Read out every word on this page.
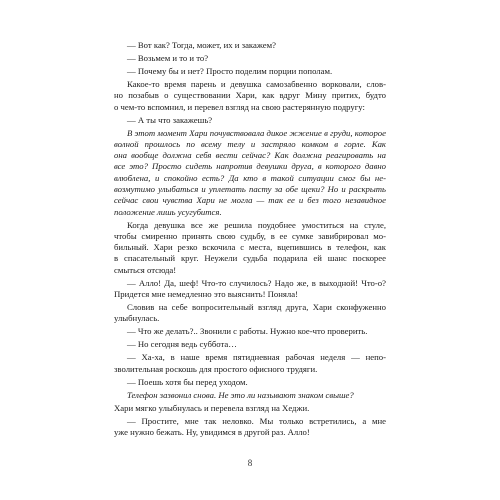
— Вот как? Тогда, может, их и закажем?
— Возьмем и то и то?
— Почему бы и нет? Просто поделим порции пополам.
Какое-то время парень и девушка самозабвенно ворковали, слов-
но позабыв о существовании Хари, как вдруг Мину притих, будто
о чем-то вспомнил, и перевел взгляд на свою растерянную подругу:
— А ты что закажешь?
В этот момент Хари почувствовала дикое жжение в груди, которое
волной прошлось по всему телу и застряло комком в горле. Как
она вообще должна себя вести сейчас? Как должна реагировать на
все это? Просто сидеть напротив девушки друга, в которого давно
влюблена, и спокойно есть? Да кто в такой ситуации смог бы не-
возмутимо улыбаться и уплетать пасту за обе щеки? Но и раскрыть
сейчас свои чувства Хари не могла — так ее и без того незавидное
положение лишь усугубится.
Когда девушка все же решила поудобнее умоститься на стуле,
чтобы смиренно принять свою судьбу, в ее сумке завибрировал мо-
бильный. Хари резко вскочила с места, вцепившись в телефон, как
в спасательный круг. Неужели судьба подарила ей шанс поскорее
смыться отсюда!
— Алло! Да, шеф! Что-то случилось? Надо же, в выходной! Что-о?
Придется мне немедленно это выяснить! Поняла!
Словив на себе вопросительный взгляд друга, Хари сконфуженно
улыбнулась.
— Что же делать?.. Звонили с работы. Нужно кое-что проверить.
— Но сегодня ведь суббота…
— Ха-ха, в наше время пятидневная рабочая неделя — непо-
зволительная роскошь для простого офисного трудяги.
— Поешь хотя бы перед уходом.
Телефон зазвонил снова. Не это ли называют знаком свыше?
Хари мягко улыбнулась и перевела взгляд на Хеджи.
— Простите, мне так неловко. Мы только встретились, а мне
уже нужно бежать. Ну, увидимся в другой раз. Алло!
8
